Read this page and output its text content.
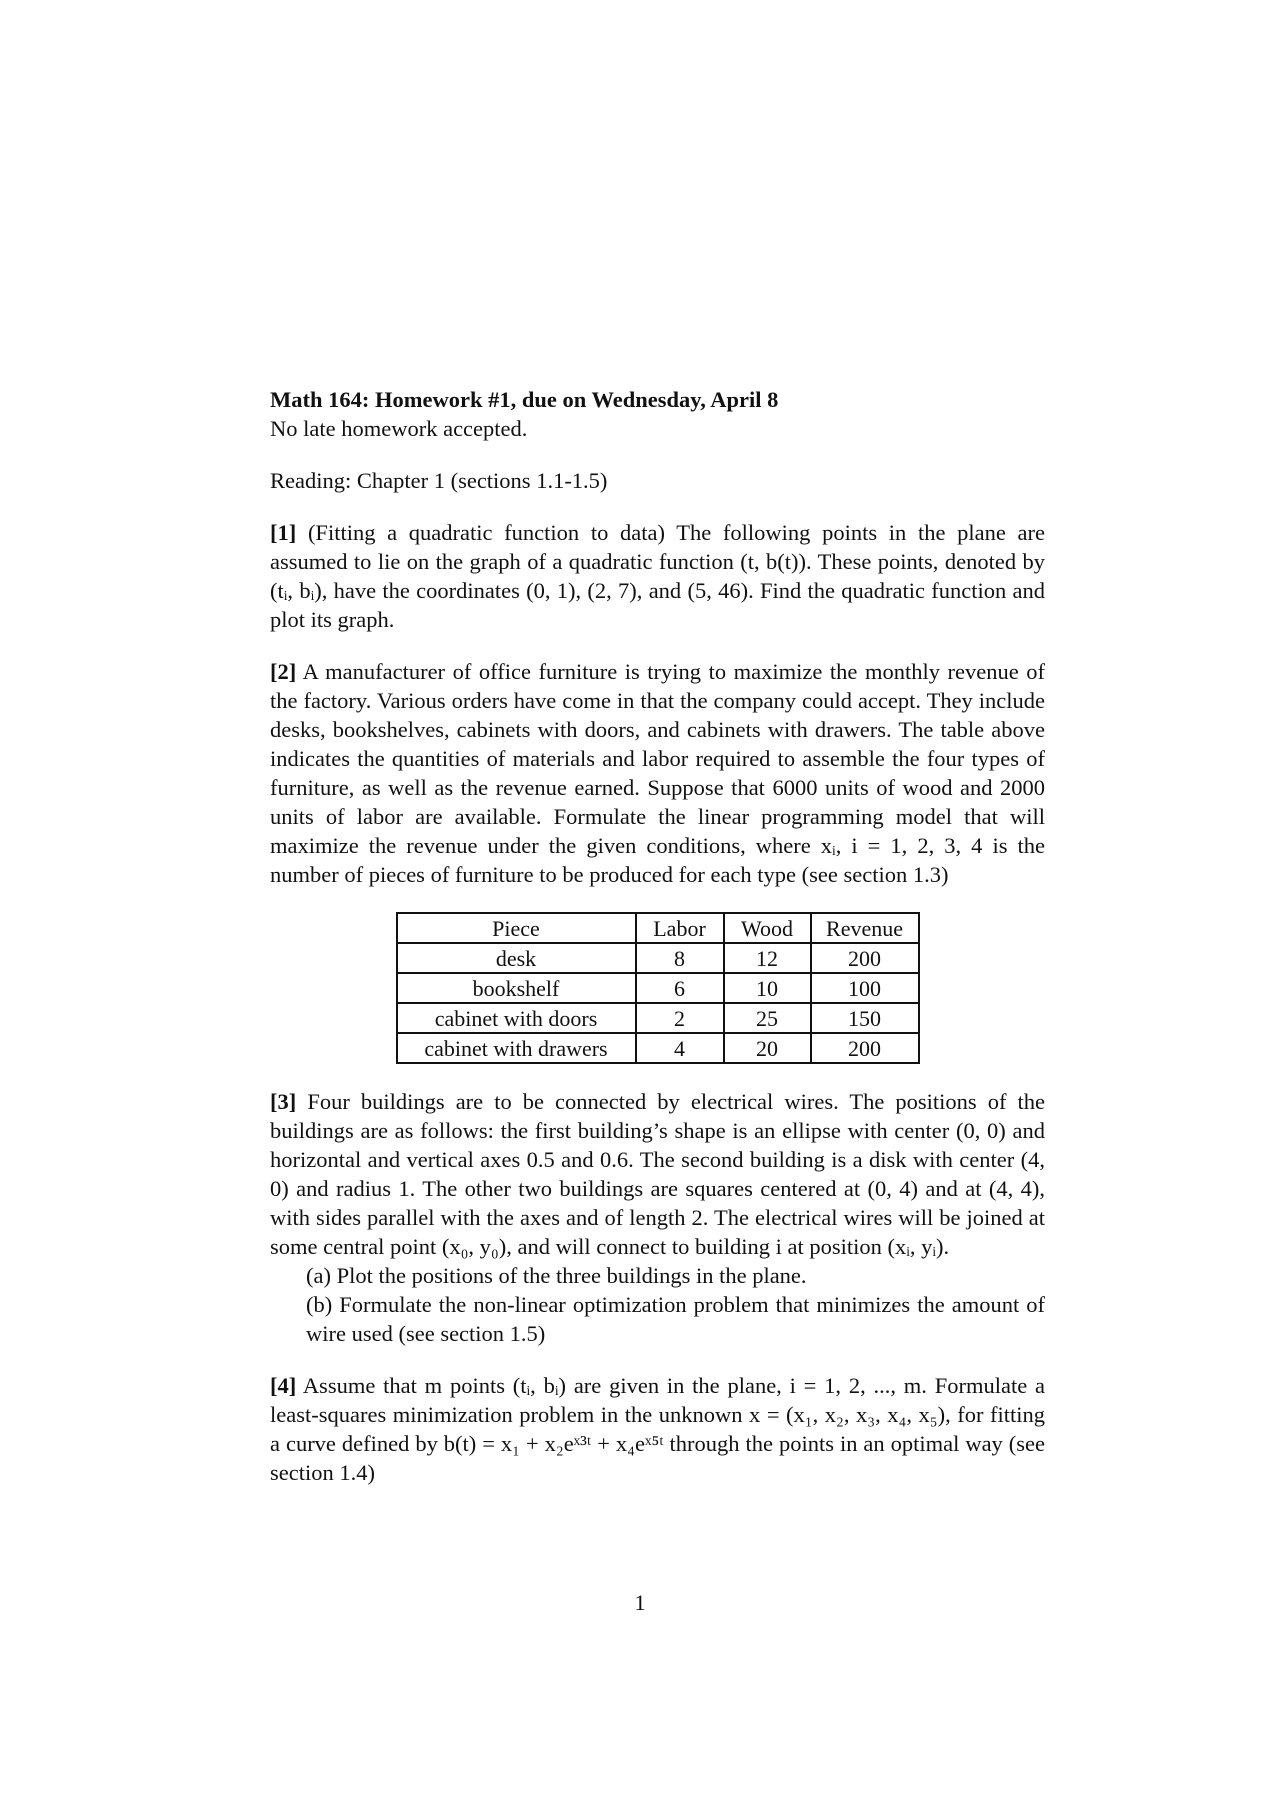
Math 164: Homework #1, due on Wednesday, April 8
No late homework accepted.

Reading: Chapter 1 (sections 1.1-1.5)

[1] (Fitting a quadratic function to data) The following points in the plane are assumed to lie on the graph of a quadratic function (t, b(t)). These points, denoted by (tᵢ, bᵢ), have the coordinates (0, 1), (2, 7), and (5, 46). Find the quadratic function and plot its graph.

[2] A manufacturer of office furniture is trying to maximize the monthly revenue of the factory. Various orders have come in that the company could accept. They include desks, bookshelves, cabinets with doors, and cabinets with drawers. The table above indicates the quantities of materials and labor required to assemble the four types of furniture, as well as the revenue earned. Suppose that 6000 units of wood and 2000 units of labor are available. Formulate the linear programming model that will maximize the revenue under the given conditions, where xᵢ, i = 1, 2, 3, 4 is the number of pieces of furniture to be produced for each type (see section 1.3)

Piece	Labor	Wood	Revenue
desk	8	12	200
bookshelf	6	10	100
cabinet with doors	2	25	150
cabinet with drawers	4	20	200

[3] Four buildings are to be connected by electrical wires. The positions of the buildings are as follows: the first building’s shape is an ellipse with center (0, 0) and horizontal and vertical axes 0.5 and 0.6. The second building is a disk with center (4, 0) and radius 1. The other two buildings are squares centered at (0, 4) and at (4, 4), with sides parallel with the axes and of length 2. The electrical wires will be joined at some central point (x₀, y₀), and will connect to building i at position (xᵢ, yᵢ).
(a) Plot the positions of the three buildings in the plane.
(b) Formulate the non-linear optimization problem that minimizes the amount of wire used (see section 1.5)

[4] Assume that m points (tᵢ, bᵢ) are given in the plane, i = 1, 2, ..., m. Formulate a least-squares minimization problem in the unknown x = (x₁, x₂, x₃, x₄, x₅), for fitting a curve defined by b(t) = x₁ + x₂eˣ³ᵗ + x₄eˣ⁵ᵗ through the points in an optimal way (see section 1.4)

1
